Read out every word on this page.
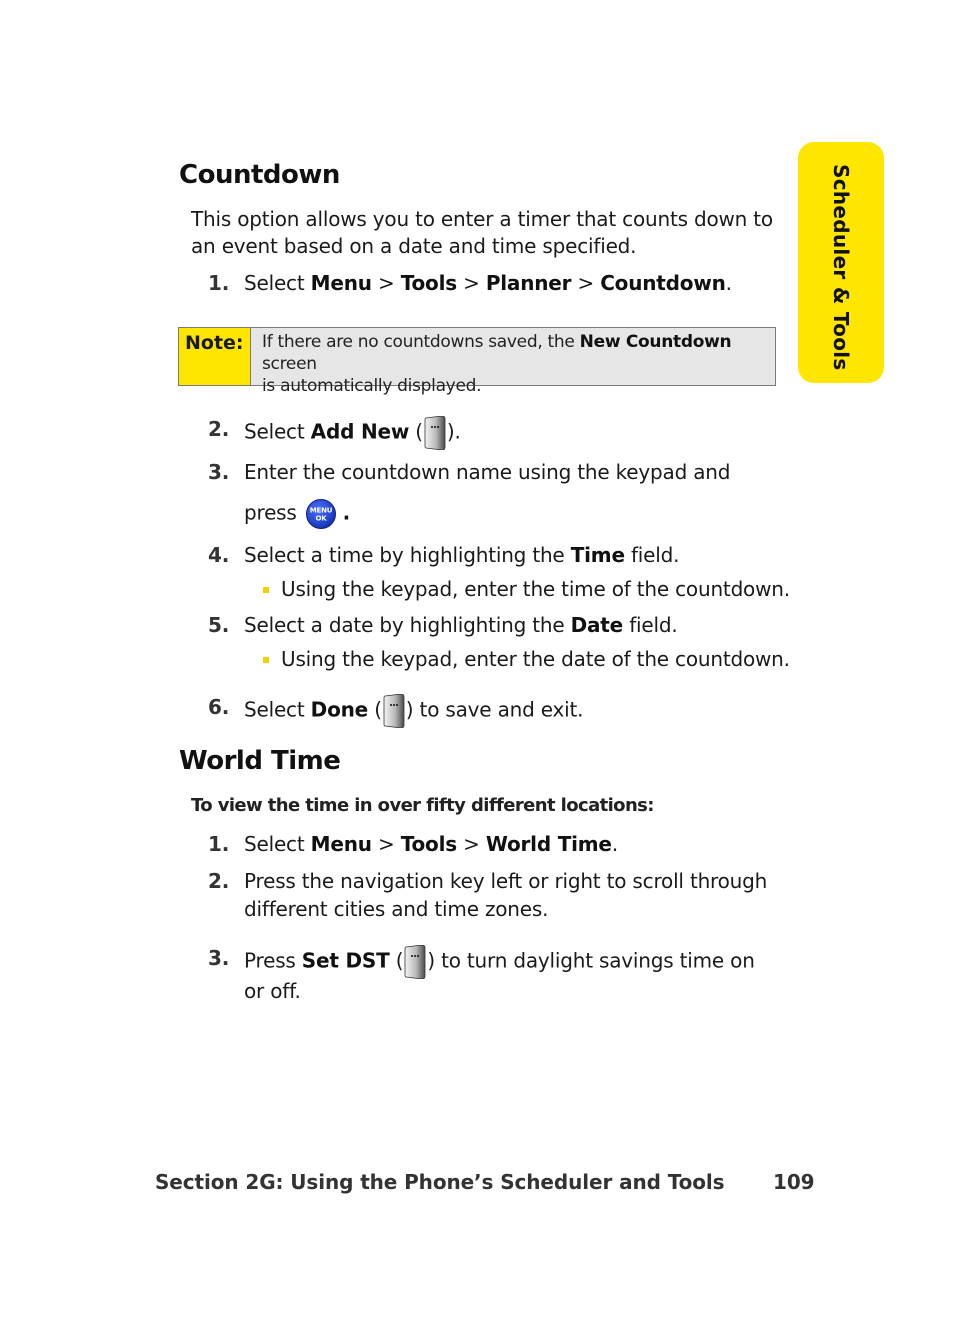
Scheduler & Tools
Countdown
This option allows you to enter a timer that counts down to
an event based on a date and time specified.
1. Select Menu > Tools > Planner > Countdown.
Note: If there are no countdowns saved, the New Countdown screen
is automatically displayed.
2. Select Add New ( ).
3. Enter the countdown name using the keypad and
press MENU
OK .
4. Select a time by highlighting the Time field.
Using the keypad, enter the time of the countdown.
5. Select a date by highlighting the Date field.
Using the keypad, enter the date of the countdown.
6. Select Done ( ) to save and exit.
World Time
To view the time in over fifty different locations:
1. Select Menu > Tools > World Time.
2. Press the navigation key left or right to scroll through
different cities and time zones.
3. Press Set DST ( ) to turn daylight savings time on
or off.
Section 2G: Using the Phone’s Scheduler and Tools 109
